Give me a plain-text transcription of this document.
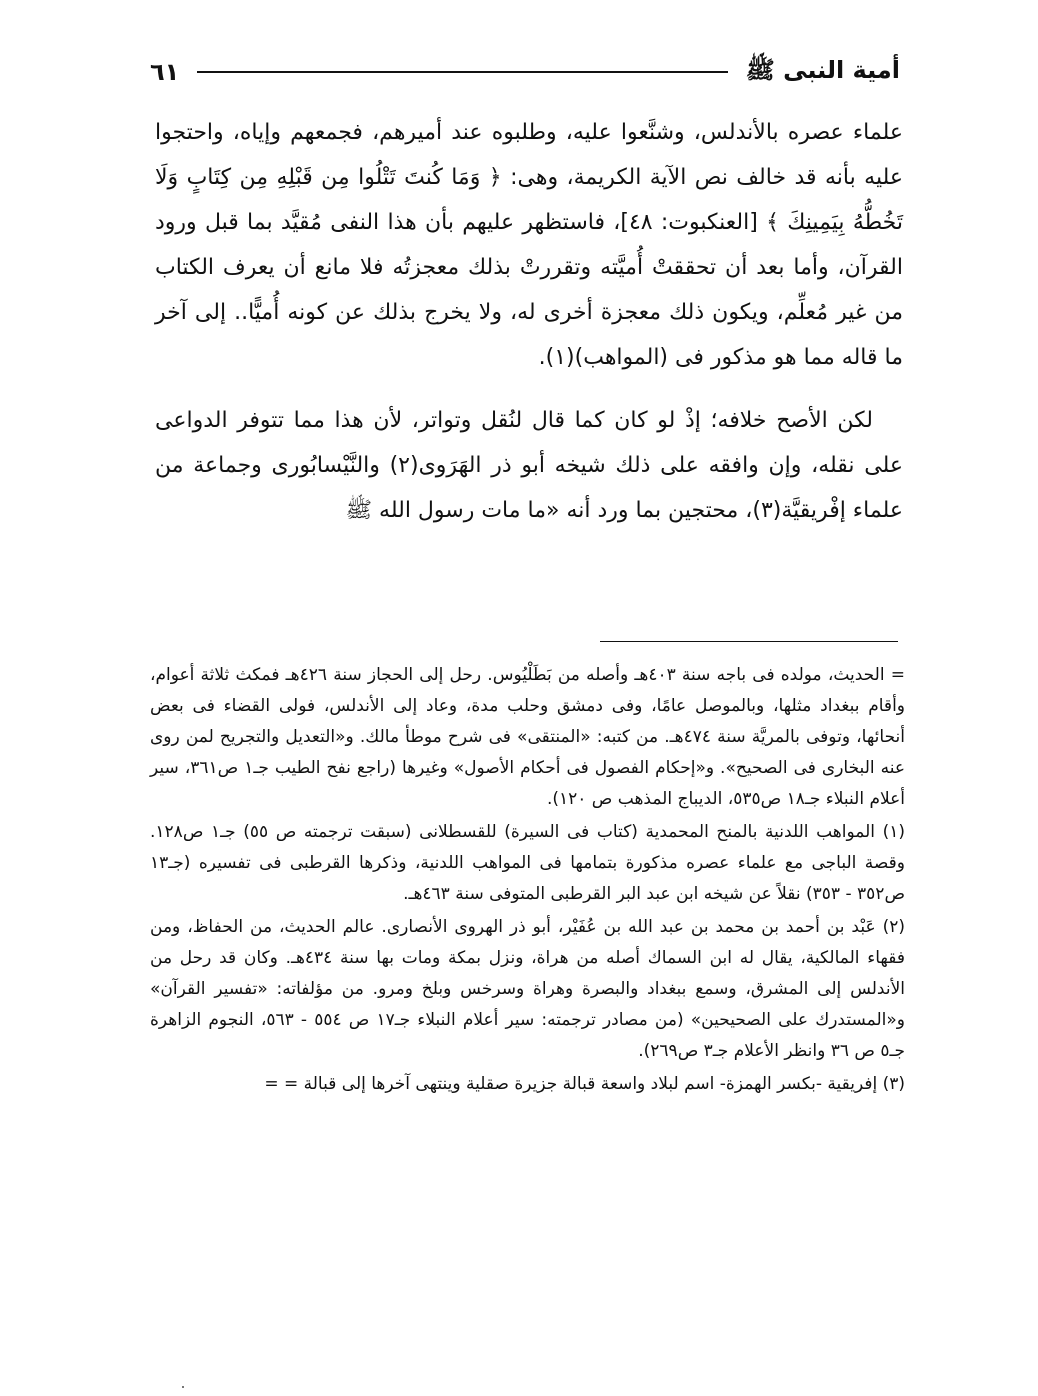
أمية النبى ﷺ
٦١

علماء عصره بالأندلس، وشنَّعوا عليه، وطلبوه عند أميرهم، فجمعهم وإياه، واحتجوا عليه بأنه قد خالف نص الآية الكريمة، وهى: ﴿ وَمَا كُنتَ تَتْلُوا مِن قَبْلِهِ مِن كِتَابٍ وَلَا تَخُطُّهُ بِيَمِينِكَ ﴾ [العنكبوت: ٤٨]، فاستظهر عليهم بأن هذا النفى مُقيَّد بما قبل ورود القرآن، وأما بعد أن تحققتْ أُميَّته وتقررتْ بذلك معجزتُه فلا مانع أن يعرف الكتاب من غير مُعلِّم، ويكون ذلك معجزة أخرى له، ولا يخرج بذلك عن كونه أُميًّا.. إلى آخر ما قاله مما هو مذكور فى (المواهب)(١).

لكن الأصح خلافه؛ إذْ لو كان كما قال لنُقل وتواتر، لأن هذا مما تتوفر الدواعى على نقله، وإن وافقه على ذلك شيخه أبو ذر الهَرَوى(٢) والنَّيْسابُورى وجماعة من علماء إفْريقيَّة(٣)، محتجين بما ورد أنه «ما مات رسول الله ﷺ

= الحديث، مولده فى باجه سنة ٤٠٣هـ وأصله من بَطَلْيُوس. رحل إلى الحجاز سنة ٤٢٦هـ فمكث ثلاثة أعوام، وأقام ببغداد مثلها، وبالموصل عامًا، وفى دمشق وحلب مدة، وعاد إلى الأندلس، فولى القضاء فى بعض أنحائها، وتوفى بالمريَّة سنة ٤٧٤هـ. من كتبه: «المنتقى» فى شرح موطأ مالك. و«التعديل والتجريح لمن روى عنه البخارى فى الصحيح». و«إحكام الفصول فى أحكام الأصول» وغيرها (راجع نفح الطيب جـ١ ص٣٦١، سير أعلام النبلاء جـ١٨ ص٥٣٥، الديباج المذهب ص ١٢٠).

(١) المواهب اللدنية بالمنح المحمدية (كتاب فى السيرة) للقسطلانى (سبقت ترجمته ص ٥٥) جـ١ ص١٢٨. وقصة الباجى مع علماء عصره مذكورة بتمامها فى المواهب اللدنية، وذكرها القرطبى فى تفسيره (جـ١٣ ص٣٥٢ - ٣٥٣) نقلاً عن شيخه ابن عبد البر القرطبى المتوفى سنة ٤٦٣هـ.

(٢) عَبْد بن أحمد بن محمد بن عبد الله بن عُفَيْر، أبو ذر الهروى الأنصارى. عالم الحديث، من الحفاظ، ومن فقهاء المالكية، يقال له ابن السماك أصله من هراة، ونزل بمكة ومات بها سنة ٤٣٤هـ. وكان قد رحل من الأندلس إلى المشرق، وسمع ببغداد والبصرة وهراة وسرخس وبلخ ومرو. من مؤلفاته: «تفسير القرآن» و«المستدرك على الصحيحين» (من مصادر ترجمته: سير أعلام النبلاء جـ١٧ ص ٥٥٤ - ٥٦٣، النجوم الزاهرة جـ٥ ص ٣٦ وانظر الأعلام جـ٣ ص٢٦٩).

(٣) إفريقية -بكسر الهمزة- اسم لبلاد واسعة قبالة جزيرة صقلية وينتهى آخرها إلى قبالة = =
